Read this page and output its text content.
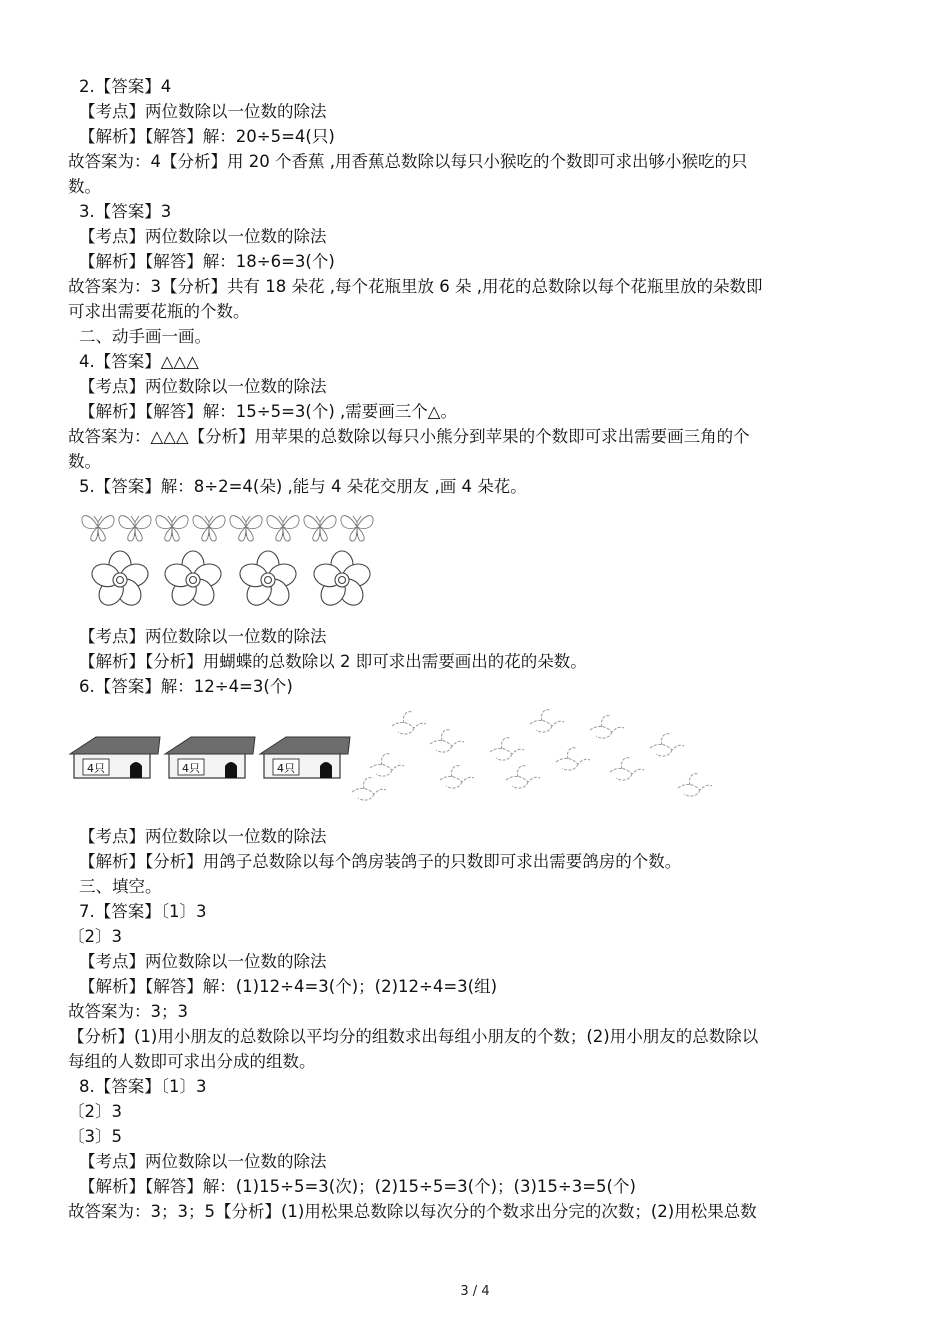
2.【答案】4

【考点】两位数除以一位数的除法

【解析】【解答】解：20÷5=4(只)

故答案为：4【分析】用 20 个香蕉 ,用香蕉总数除以每只小猴吃的个数即可求出够小猴吃的只

数。

3.【答案】3

【考点】两位数除以一位数的除法

【解析】【解答】解：18÷6=3(个)

故答案为：3【分析】共有 18 朵花 ,每个花瓶里放 6 朵 ,用花的总数除以每个花瓶里放的朵数即

可求出需要花瓶的个数。

二、动手画一画。

4.【答案】△△△

【考点】两位数除以一位数的除法

【解析】【解答】解：15÷5=3(个) ,需要画三个△。

故答案为：△△△【分析】用苹果的总数除以每只小熊分到苹果的个数即可求出需要画三角的个

数。

5.【答案】解：8÷2=4(朵) ,能与 4 朵花交朋友 ,画 4 朵花。

【考点】两位数除以一位数的除法

【解析】【分析】用蝴蝶的总数除以 2 即可求出需要画出的花的朵数。

6.【答案】解：12÷4=3(个)

4只	4只	4只

【考点】两位数除以一位数的除法

【解析】【分析】用鸽子总数除以每个鸽房装鸽子的只数即可求出需要鸽房的个数。

三、填空。

7.【答案】〔1〕3

〔2〕3

【考点】两位数除以一位数的除法

【解析】【解答】解：(1)12÷4=3(个)；(2)12÷4=3(组)

故答案为：3；3

【分析】(1)用小朋友的总数除以平均分的组数求出每组小朋友的个数；(2)用小朋友的总数除以

每组的人数即可求出分成的组数。

8.【答案】〔1〕3

〔2〕3

〔3〕5

【考点】两位数除以一位数的除法

【解析】【解答】解：(1)15÷5=3(次)；(2)15÷5=3(个)；(3)15÷3=5(个)

故答案为：3；3；5【分析】(1)用松果总数除以每次分的个数求出分完的次数；(2)用松果总数

3 / 4
